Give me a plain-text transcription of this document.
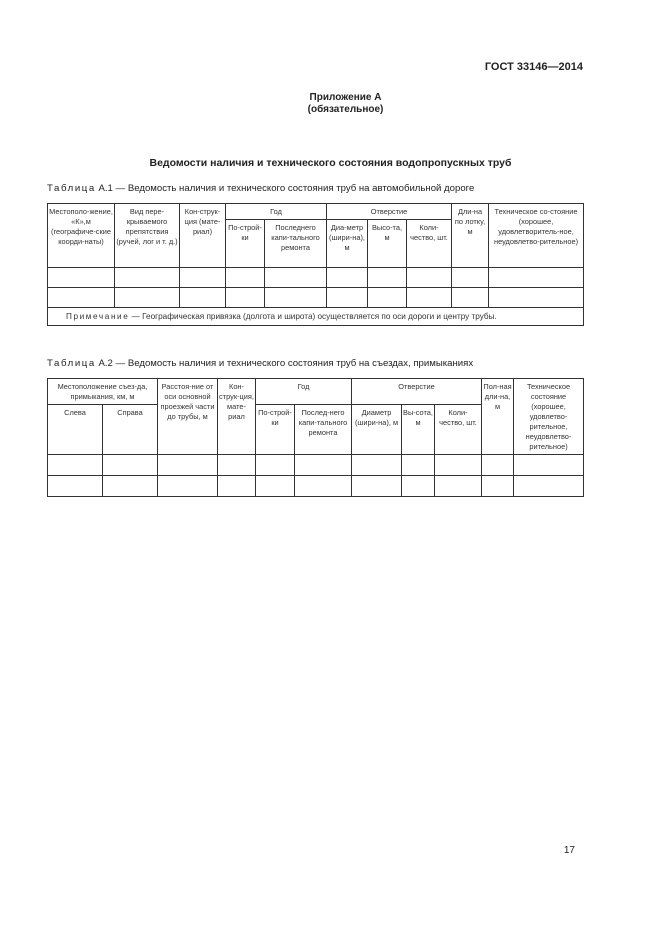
ГОСТ 33146—2014
Приложение А
(обязательное)
Ведомости наличия и технического состояния водопропускных труб
Таблица А.1 — Ведомость наличия и технического состояния труб на автомобильной дороге
Местополо-жение, «К»,м (географиче-ские коорди-наты)	Вид пере-крываемого препятствия (ручей, лог и т. д.)	Кон-струк-ция (мате-риал)	Год		Отверстие			Дли-на по лотку, м	Техническое со-стояние (хорошее, удовлетворитель-ное, неудовлетво-рительное)
			По-строй-ки	Последнего капи-тального ремонта	Диа-метр (шири-на), м	Высо-та, м	Коли-чество, шт.		

Примечание — Географическая привязка (долгота и широта) осуществляется по оси дороги и центру трубы.									
Таблица А.2 — Ведомость наличия и технического состояния труб на съездах, примыканиях
Местоположение съез-да, примыкания, км, м		Расстоя-ние от оси основной проезжей части до трубы, м	Кон-струк-ция, мате-риал	Год		Отверстие			Пол-ная дли-на, м	Техническое состояние (хорошее, удовлетво-рительное, неудовлетво-рительное)
Слева	Справа			По-строй-ки	Послед-него капи-тального ремонта	Диаметр (шири-на), м	Вы-сота, м	Коли-чество, шт.		

17
